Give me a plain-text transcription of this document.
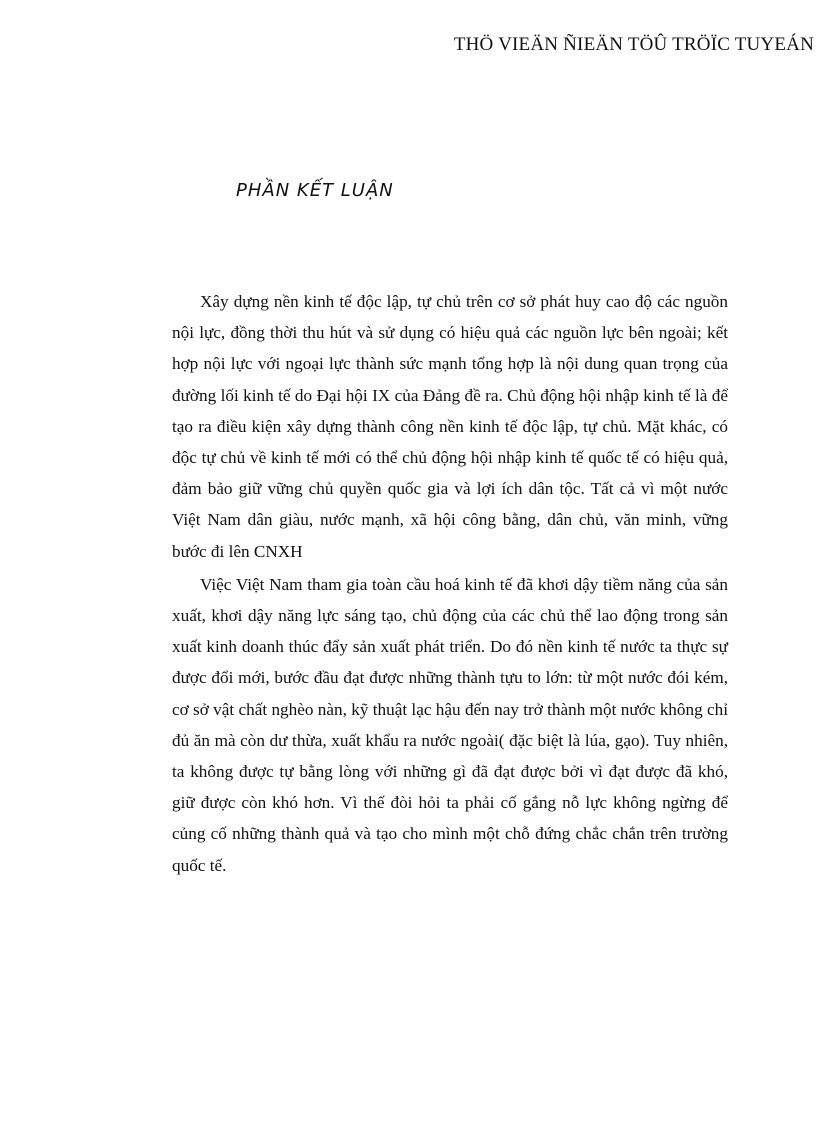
THÖ VIEÄN ÑIEÄN TÖÛ TRÖÏC TUYEÁN
PHẦN KẾT LUẬN

Xây dựng nền kinh tế độc lập, tự chủ trên cơ sở phát huy cao độ các nguồn nội lực, đồng thời thu hút và sử dụng có hiệu quả các nguồn lực bên ngoài; kết hợp nội lực với ngoại lực thành sức mạnh tổng hợp là nội dung quan trọng của đường lối kinh tế do Đại hội IX của Đảng đề ra. Chủ động hội nhập kinh tế là để tạo ra điều kiện xây dựng thành công nền kinh tế độc lập, tự chủ. Mặt khác, có độc tự chủ về kinh tế mới có thể chủ động hội nhập kinh tế quốc tế có hiệu quả, đảm bảo giữ vững chủ quyền quốc gia và lợi ích dân tộc. Tất cả vì một nước Việt Nam dân giàu, nước mạnh, xã hội công bằng, dân chủ, văn minh, vững bước đi lên CNXH

Việc Việt Nam tham gia toàn cầu hoá kinh tế đã khơi dậy tiềm năng của sản xuất, khơi dậy năng lực sáng tạo, chủ động của các chủ thể lao động trong sản xuất kinh doanh thúc đẩy sản xuất phát triển. Do đó nền kinh tế nước ta thực sự được đổi mới, bước đầu đạt được những thành tựu to lớn: từ một nước đói kém, cơ sở vật chất nghèo nàn, kỹ thuật lạc hậu đến nay trở thành một nước không chỉ đủ ăn mà còn dư thừa, xuất khẩu ra nước ngoài( đặc biệt là lúa, gạo). Tuy nhiên, ta không được tự bằng lòng với những gì đã đạt được bởi vì đạt được đã khó, giữ được còn khó hơn. Vì thế đòi hỏi ta phải cố gắng nỗ lực không ngừng để củng cố những thành quả và tạo cho mình một chỗ đứng chắc chắn trên trường quốc tế.
